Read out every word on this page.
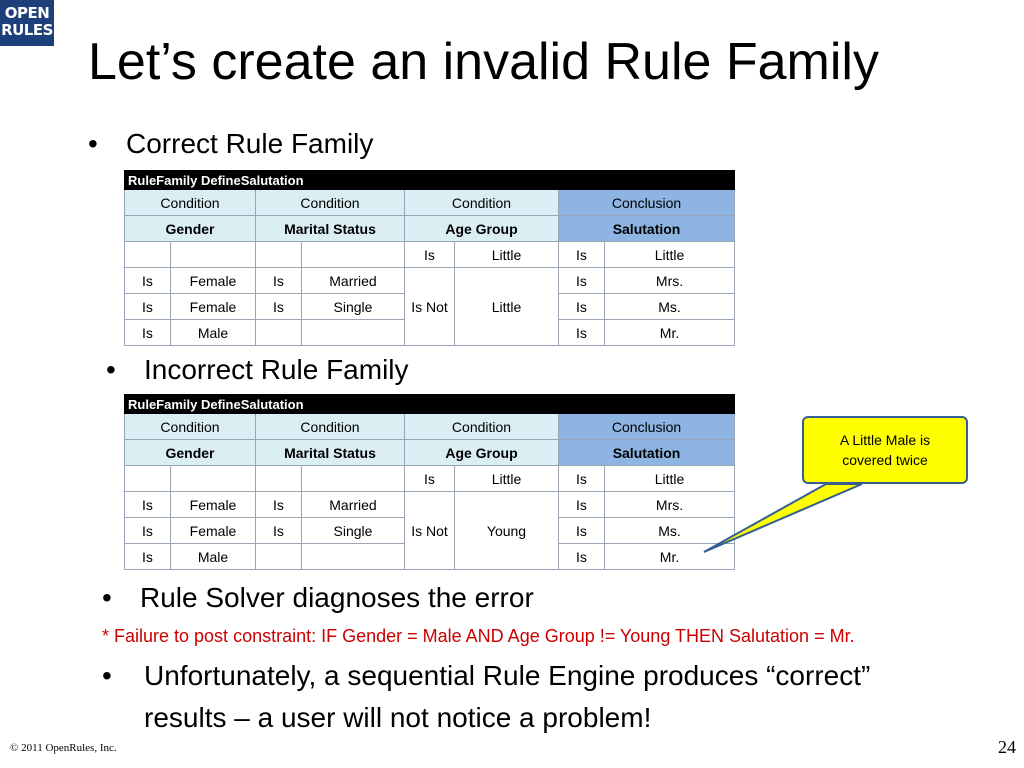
OPEN
RULES
Let’s create an invalid Rule Family
• Correct Rule Family
RuleFamily DefineSalutation							
Condition		Condition		Condition		Conclusion	
Gender		Marital Status		Age Group		Salutation	
				Is	Little	Is	Little
Is	Female	Is	Married	Is Not	Little	Is	Mrs.
Is	Female	Is	Single			Is	Ms.
Is	Male					Is	Mr.
• Incorrect Rule Family
RuleFamily DefineSalutation							
Condition		Condition		Condition		Conclusion	
Gender		Marital Status		Age Group		Salutation	
				Is	Little	Is	Little
Is	Female	Is	Married	Is Not	Young	Is	Mrs.
Is	Female	Is	Single			Is	Ms.
Is	Male					Is	Mr.
A Little Male is
covered twice
• Rule Solver diagnoses the error
* Failure to post constraint: IF Gender = Male AND Age Group != Young THEN Salutation = Mr.
• Unfortunately, a sequential Rule Engine produces “correct”
results – a user will not notice a problem!
© 2011 OpenRules, Inc.	24
